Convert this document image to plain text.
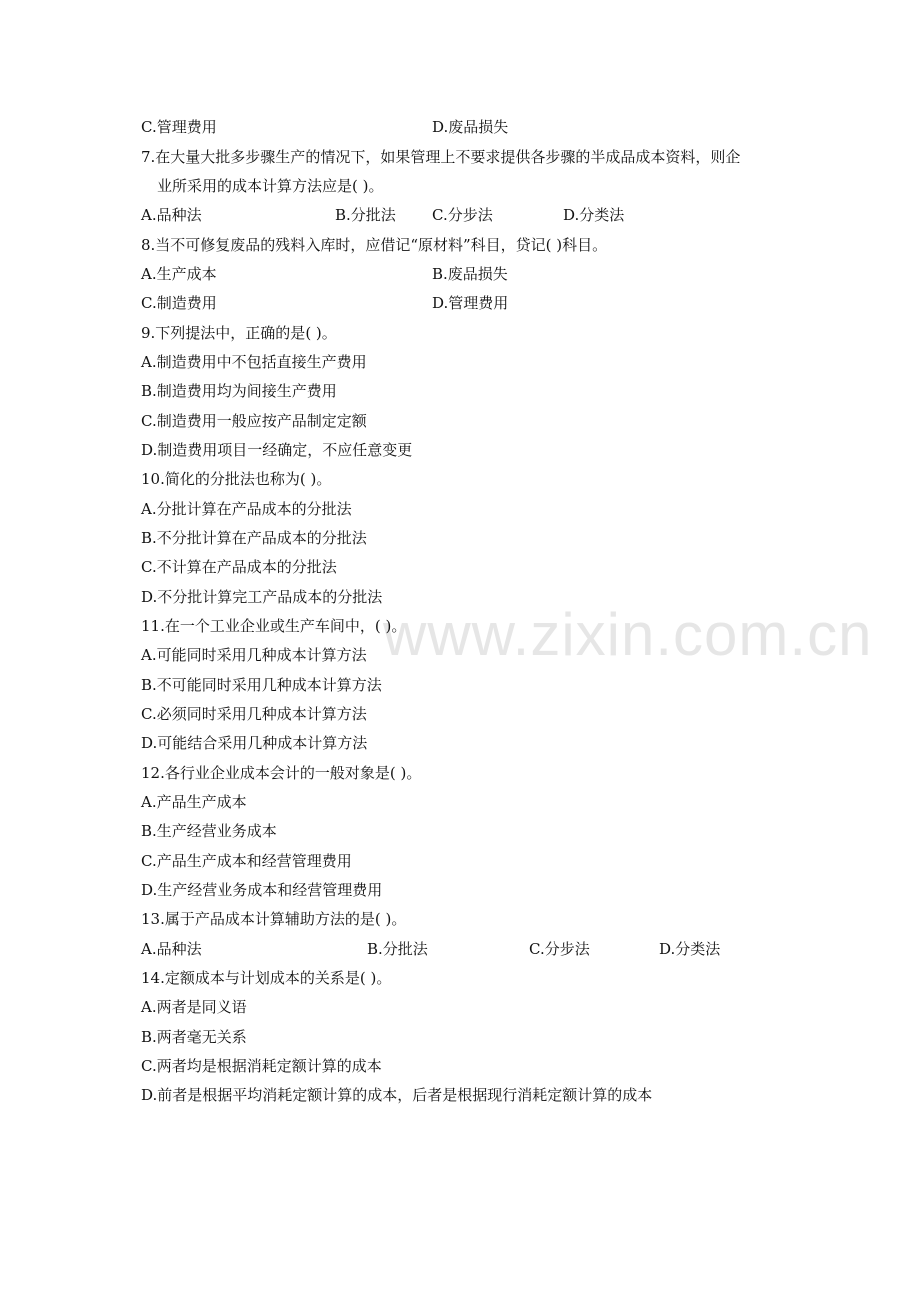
www.zixin.com.cn
C.管理费用	D.废品损失
7.在大量大批多步骤生产的情况下，如果管理上不要求提供各步骤的半成品成本资料，则企
业所采用的成本计算方法应是( )。
A.品种法	B.分批法 C.分步法	D.分类法
8.当不可修复废品的残料入库时，应借记“原材料”科目，贷记( )科目。
A.生产成本	B.废品损失
C.制造费用	D.管理费用
9.下列提法中，正确的是( )。
A.制造费用中不包括直接生产费用
B.制造费用均为间接生产费用
C.制造费用一般应按产品制定定额
D.制造费用项目一经确定，不应任意变更
10.简化的分批法也称为( )。
A.分批计算在产品成本的分批法
B.不分批计算在产品成本的分批法
C.不计算在产品成本的分批法
D.不分批计算完工产品成本的分批法
11.在一个工业企业或生产车间中，( )。
A.可能同时采用几种成本计算方法
B.不可能同时采用几种成本计算方法
C.必须同时采用几种成本计算方法
D.可能结合采用几种成本计算方法
12.各行业企业成本会计的一般对象是( )。
A.产品生产成本
B.生产经营业务成本
C.产品生产成本和经营管理费用
D.生产经营业务成本和经营管理费用
13.属于产品成本计算辅助方法的是( )。
A.品种法	B.分批法	C.分步法	D.分类法
14.定额成本与计划成本的关系是( )。
A.两者是同义语
B.两者毫无关系
C.两者均是根据消耗定额计算的成本
D.前者是根据平均消耗定额计算的成本，后者是根据现行消耗定额计算的成本
